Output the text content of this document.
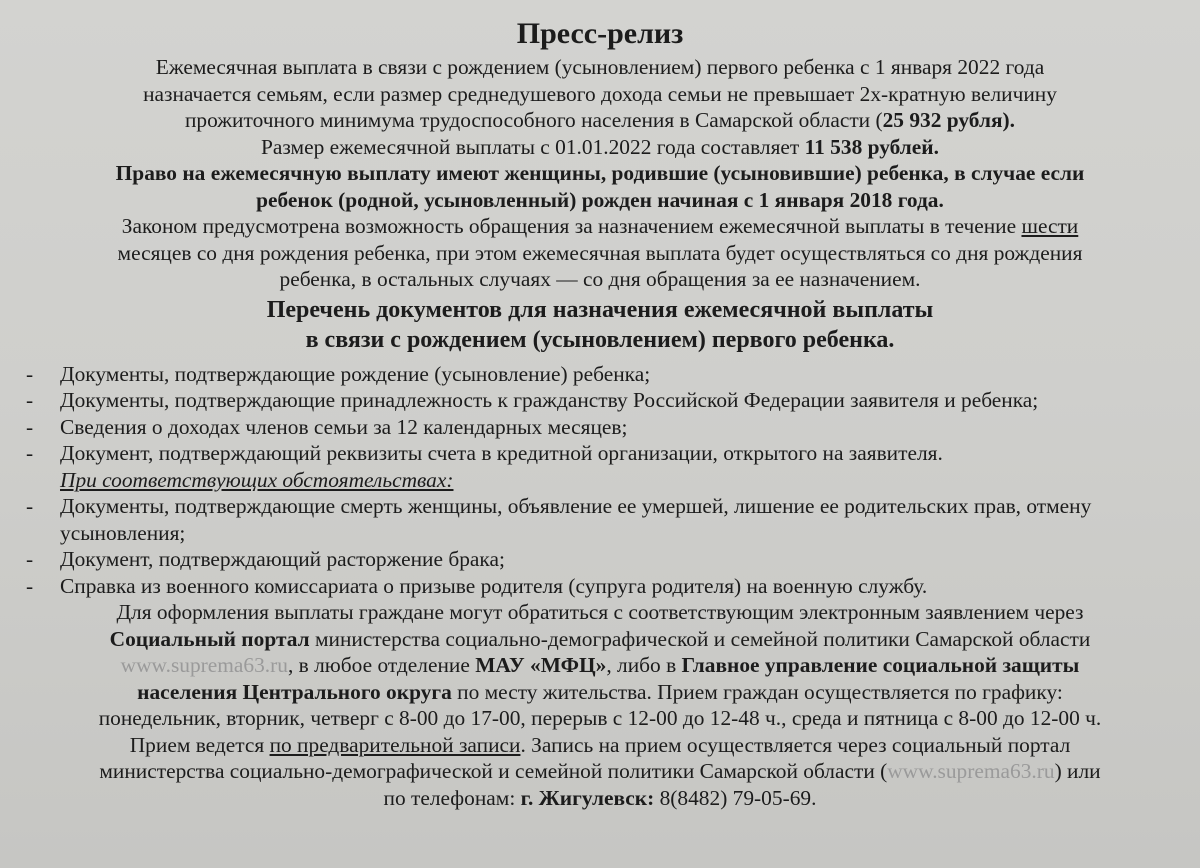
Пресс-релиз

Ежемесячная выплата в связи с рождением (усыновлением) первого ребенка с 1 января 2022 года

назначается семьям, если размер среднедушевого дохода семьи не превышает 2х-кратную величину

прожиточного минимума трудоспособного населения в Самарской области (25 932 рубля).

Размер ежемесячной выплаты с 01.01.2022 года составляет 11 538 рублей.

Право на ежемесячную выплату имеют женщины, родившие (усыновившие) ребенка, в случае если

ребенок (родной, усыновленный) рожден начиная с 1 января 2018 года.

Законом предусмотрена возможность обращения за назначением ежемесячной выплаты в течение шести

месяцев со дня рождения ребенка, при этом ежемесячная выплата будет осуществляться со дня рождения

ребенка, в остальных случаях — со дня обращения за ее назначением.

Перечень документов для назначения ежемесячной выплаты

в связи с рождением (усыновлением) первого ребенка.

- Документы, подтверждающие рождение (усыновление) ребенка;
- Документы, подтверждающие принадлежность к гражданству Российской Федерации заявителя и ребенка;
- Сведения о доходах членов семьи за 12 календарных месяцев;
- Документ, подтверждающий реквизиты счета в кредитной организации, открытого на заявителя.
При соответствующих обстоятельствах:
- Документы, подтверждающие смерть женщины, объявление ее умершей, лишение ее родительских прав, отмену усыновления;
- Документ, подтверждающий расторжение брака;
- Справка из военного комиссариата о призыве родителя (супруга родителя) на военную службу.

Для оформления выплаты граждане могут обратиться с соответствующим электронным заявлением через

Социальный портал министерства социально-демографической и семейной политики Самарской области

www.suprema63.ru, в любое отделение МАУ «МФЦ», либо в Главное управление социальной защиты

населения Центрального округа по месту жительства. Прием граждан осуществляется по графику:

понедельник, вторник, четверг с 8-00 до 17-00, перерыв с 12-00 до 12-48 ч., среда и пятница с 8-00 до 12-00 ч.

Прием ведется по предварительной записи. Запись на прием осуществляется через социальный портал

министерства социально-демографической и семейной политики Самарской области (www.suprema63.ru) или

по телефонам: г. Жигулевск: 8(8482) 79-05-69.
